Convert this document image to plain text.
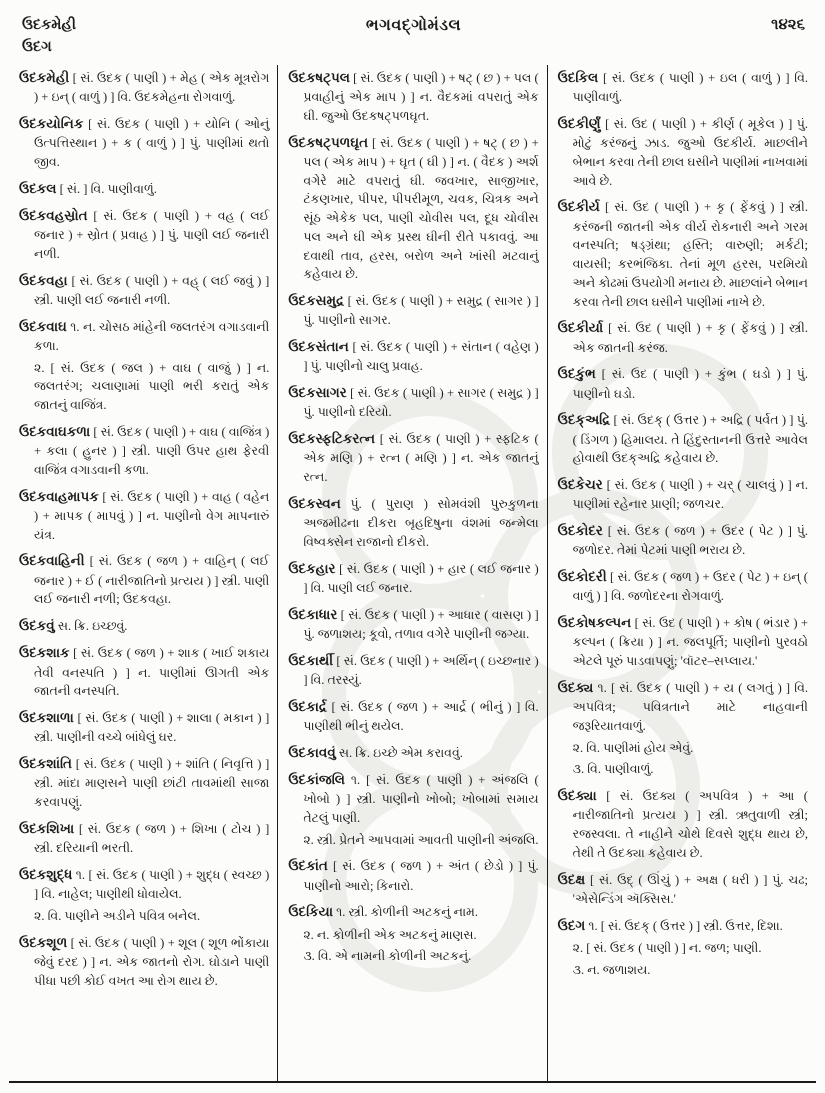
ઉદકમેહી
ઉદગ
ભગવદ્ગોમંડલ	૧૪૨૬

ઉદકમેહી [ સં. ઉદક ( પાણી ) + મેહ ( એક મૂત્રરોગ ) + ઇન્ ( વાળું ) ] વિ. ઉદકમેહના રોગવાળું.

ઉદકયોનિક [ સં. ઉદક ( પાણી ) + યોનિ ( ઓનું ઉત્પત્તિસ્થાન ) + ક ( વાળું ) ] પું. પાણીમાં થતો જીવ.

ઉદકલ [ સં. ] વિ. પાણીવાળું.

ઉદકવહસ્રોત [ સં. ઉદક ( પાણી ) + વહ ( લઈ જનાર ) + સ્રોત ( પ્રવાહ ) ] પું. પાણી લઈ જનારી નળી.

ઉદકવહા [ સં. ઉદક ( પાણી ) + વહ્ ( લઈ જવું ) ] સ્ત્રી. પાણી લઈ જનારી નળી.

ઉદકવાઘ ૧. ન. ચોસઠ માંહેની જલતરંગ વગાડવાની કળા.

૨. [ સં. ઉદક ( જલ ) + વાઘ ( વાજું ) ] ન. જલતરંગ; ચલાણામાં પાણી ભરી કરાતું એક જાતનું વાજિંત્ર.

ઉદકવાઘકળા [ સં. ઉદક ( પાણી ) + વાઘ ( વાજિંત્ર ) + કલા ( હુનર ) ] સ્ત્રી. પાણી ઉપર હાથ ફેરવી વાજિંત્ર વગાડવાની કળા.

ઉદકવાહમાપક [ સં. ઉદક ( પાણી ) + વાહ ( વહેન ) + માપક ( માપવું ) ] ન. પાણીનો વેગ માપનારું યંત્ર.

ઉદકવાહિની [ સં. ઉદક ( જળ ) + વાહિન્ ( લઈ જનાર ) + ઈ ( નારીજાતિનો પ્રત્યય ) ] સ્ત્રી. પાણી લઈ જનારી નળી; ઉદકવહા.

ઉદકવું સ. ક્રિ. ઇચ્છવું.

ઉદકશાક [ સં. ઉદક ( જળ ) + શાક ( ખાઈ શકાય તેવી વનસ્પતિ ) ] ન. પાણીમાં ઊગતી એક જાતની વનસ્પતિ.

ઉદકશાળા [ સં. ઉદક ( પાણી ) + શાલા ( મકાન ) ] સ્ત્રી. પાણીની વચ્ચે બાંધેલું ઘર.

ઉદકશાંતિ [ સં. ઉદક ( પાણી ) + શાંતિ ( નિવૃત્તિ ) ] સ્ત્રી. માંદા માણસને પાણી છાંટી તાવમાંથી સાજા કરવાપણું.

ઉદકશિખા [ સં. ઉદક ( જળ ) + શિખા ( ટોચ ) ] સ્ત્રી. દરિયાની ભરતી.

ઉદકશુદ્ધ ૧. [ સં. ઉદક ( પાણી ) + શુદ્ધ ( સ્વચ્છ ) ] વિ. નાહેલ; પાણીથી ધોવાયેલ.

૨. વિ. પાણીને અડીને પવિત્ર બનેલ.

ઉદકશૂળ [ સં. ઉદક ( પાણી ) + શૂલ ( શૂળ ભોંકાયા જેવું દરદ ) ] ન. એક જાતનો રોગ. ઘોડાને પાણી પીધા પછી કોઈ વખત આ રોગ થાય છે.

ઉદકષટ્પલ [ સં. ઉદક ( પાણી ) + ષટ્ ( છ ) + પલ ( પ્રવાહીનું એક માપ ) ] ન. વૈદકમાં વપરાતું એક ઘી. જુઓ ઉદકષટ્પળઘૃત.

ઉદકષટ્પળઘૃત [ સં. ઉદક ( પાણી ) + ષટ્ ( છ ) + પલ ( એક માપ ) + ઘૃત ( ઘી ) ] ન. ( વૈદક ) અર્શ વગેરે માટે વપરાતું ઘી. જવખાર, સાજીખાર, ટંકણખાર, પીપર, પીપરીમૂળ, ચવક, ચિત્રક અને સૂંઠ એકેક પલ, પાણી ચોવીસ પલ, દૂધ ચોવીસ પલ અને ઘી એક પ્રસ્થ ઘીની રીતે પકાવવું. આ દવાથી તાવ, હરસ, બરોળ અને ખાંસી મટવાનું કહેવાય છે.

ઉદકસમુદ્ર [ સં. ઉદક ( પાણી ) + સમુદ્ર ( સાગર ) ] પું. પાણીનો સાગર.

ઉદકસંતાન [ સં. ઉદક ( પાણી ) + સંતાન ( વહેણ ) ] પું. પાણીનો ચાલુ પ્રવાહ.

ઉદકસાગર [ સં. ઉદક ( પાણી ) + સાગર ( સમુદ્ર ) ] પું. પાણીનો દરિયો.

ઉદકસ્ફટિકરત્ન [ સં. ઉદક ( પાણી ) + સ્ફટિક ( એક મણિ ) + રત્ન ( મણિ ) ] ન. એક જાતનું રત્ન.

ઉદકસ્વન પું. ( પુરાણ ) સોમવંશી પુરુકુળના અજમીઢના દીકરા બૃહદિષુના વંશમાં જન્મેલા વિષ્વક્સેન રાજાનો દીકરો.

ઉદકહાર [ સં. ઉદક ( પાણી ) + હાર ( લઈ જનાર ) ] વિ. પાણી લઈ જનાર.

ઉદકાધાર [ સં. ઉદક ( પાણી ) + આધાર ( વાસણ ) ] પું. જળાશય; કૂવો, તળાવ વગેરે પાણીની જગ્યા.

ઉદકાર્થી [ સં. ઉદક ( પાણી ) + અર્થિન્ ( ઇચ્છનાર ) ] વિ. તરસ્યું.

ઉદકાર્દ્ર [ સં. ઉદક ( જળ ) + આર્દ્ર ( ભીનું ) ] વિ. પાણીથી ભીનું થયેલ.

ઉદકાવવું સ. ક્રિ. ઇચ્છે એમ કરાવવું.

ઉદકાંજલિ ૧. [ સં. ઉદક ( પાણી ) + અંજલિ ( ખોબો ) ] સ્ત્રી. પાણીનો ખોબો; ખોબામાં સમાય તેટલું પાણી.

૨. સ્ત્રી. પ્રેતને આપવામાં આવતી પાણીની અંજલિ.

ઉદકાંત [ સં. ઉદક ( જળ ) + અંત ( છેડો ) ] પું. પાણીનો આરો; કિનારો.

ઉદકિયા ૧. સ્ત્રી. કોળીની અટકનું નામ.

૨. ન. કોળીની એક અટકનું માણસ.

૩. વિ. એ નામની કોળીની અટકનું.

ઉદકિલ [ સં. ઉદક ( પાણી ) + ઇલ ( વાળું ) ] વિ. પાણીવાળું.

ઉદકીર્ણું [ સં. ઉદ ( પાણી ) + કીર્ણ ( મૂકેલ ) ] પું. મોટું કરંજનું ઝાડ. જુઓ ઉદકીર્ય. માછલીને બેભાન કરવા તેની છાલ ઘસીને પાણીમાં નાખવામાં આવે છે.

ઉદકીર્ય [ સં. ઉદ ( પાણી ) + કૃ ( ફેંકવું ) ] સ્ત્રી. કરંજની જાતની એક વીર્ય રોકનારી અને ગરમ વનસ્પતિ; ષડ્ગ્રંથા; હસ્તિ; વારુણી; મર્કટી; વાયસી; કરભંજિકા. તેનાં મૂળ હરસ, પરમિયો અને કોઢમાં ઉપયોગી મનાય છે. માછલાંને બેભાન કરવા તેની છાલ ઘસીને પાણીમાં નાખે છે.

ઉદકીર્યા [ સં. ઉદ ( પાણી ) + કૃ ( ફેંકવું ) ] સ્ત્રી. એક જાતની કરંજ.

ઉદકુંભ [ સં. ઉદ ( પાણી ) + કુંભ ( ઘડો ) ] પું. પાણીનો ઘડો.

ઉદક્અદ્રિ [ સં. ઉદક્ ( ઉત્તર ) + અદ્રિ ( પર્વત ) ] પું. ( ડિંગળ ) હિમાલય. તે હિંદુસ્તાનની ઉત્તરે આવેલ હોવાથી ઉદક્અદ્રિ કહેવાય છે.

ઉદકેચર [ સં. ઉદક ( પાણી ) + ચર્ ( ચાલવું ) ] ન. પાણીમાં રહેનાર પ્રાણી; જળચર.

ઉદકોદર [ સં. ઉદક ( જળ ) + ઉદર ( પેટ ) ] પું. જળોદર. તેમાં પેટમાં પાણી ભરાય છે.

ઉદકોદરી [ સં. ઉદક ( જળ ) + ઉદર ( પેટ ) + ઇન્ ( વાળું ) ] વિ. જળોદરના રોગવાળું.

ઉદકોષકલ્પન [ સં. ઉદ ( પાણી ) + કોષ ( ભંડાર ) + કલ્પન ( ક્રિયા ) ] ન. જલપૂર્તિ; પાણીનો પુરવઠો એટલે પૂરું પાડવાપણું; 'વૉટર–સપ્લાય.'

ઉદક્ય ૧. [ સં. ઉદક ( પાણી ) + ય ( લગતું ) ] વિ. અપવિત્ર; પવિત્રતાને માટે નાહવાની જરૂરિયાતવાળું.

૨. વિ. પાણીમાં હોય એવું.

૩. વિ. પાણીવાળું.

ઉદક્યા [ સં. ઉદક્ય ( અપવિત્ર ) + આ ( નારીજાતિનો પ્રત્યય ) ] સ્ત્રી. ઋતુવાળી સ્ત્રી; રજસ્વલા. તે નાહીને ચોથે દિવસે શુદ્ધ થાય છે, તેથી તે ઉદક્યા કહેવાય છે.

ઉદક્ષ [ સં. ઉદ્ ( ઊંચું ) + અક્ષ ( ધરી ) ] પું. ચઢ; 'એસેન્ડિંગ ઍક્સિસ.'

ઉદગ ૧. [ સં. ઉદક્ ( ઉત્તર ) ] સ્ત્રી. ઉત્તર, દિશા.

૨. [ સં. ઉદક ( પાણી ) ] ન. જળ; પાણી.

૩. ન. જળાશય.
